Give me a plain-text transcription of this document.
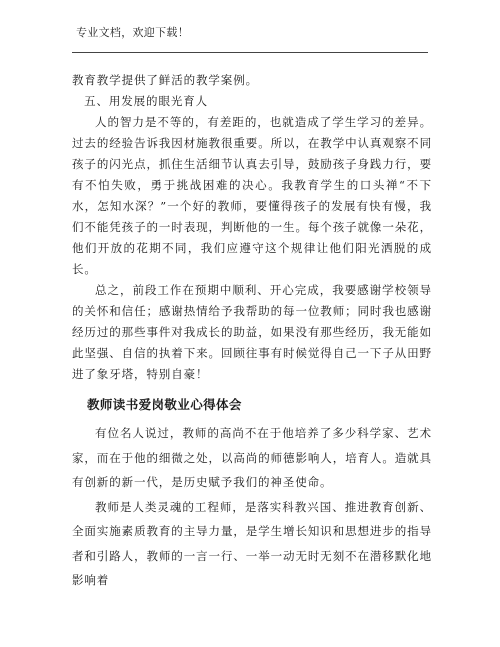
专业文档，欢迎下载！

教育教学提供了鲜活的教学案例。

五、用发展的眼光育人

人的智力是不等的，有差距的，也就造成了学生学习的差异。过去的经验告诉我因材施教很重要。所以，在教学中认真观察不同孩子的闪光点，抓住生活细节认真去引导，鼓励孩子身践力行，要有不怕失败，勇于挑战困难的决心。我教育学生的口头禅“不下水，怎知水深？”一个好的教师，要懂得孩子的发展有快有慢，我们不能凭孩子的一时表现，判断他的一生。每个孩子就像一朵花，他们开放的花期不同，我们应遵守这个规律让他们阳光洒脱的成长。

总之，前段工作在预期中顺利、开心完成，我要感谢学校领导的关怀和信任；感谢热情给予我帮助的每一位教师；同时我也感谢经历过的那些事件对我成长的助益，如果没有那些经历，我无能如此坚强、自信的执着下来。回顾往事有时候觉得自己一下子从田野进了象牙塔，特别自豪！

教师读书爱岗敬业心得体会

有位名人说过，教师的高尚不在于他培养了多少科学家、艺术家，而在于他的细微之处，以高尚的师德影响人，培育人。造就具有创新的新一代，是历史赋予我们的神圣使命。

教师是人类灵魂的工程师，是落实科教兴国、推进教育创新、全面实施素质教育的主导力量，是学生增长知识和思想进步的指导者和引路人，教师的一言一行、一举一动无时无刻不在潜移默化地影响着
